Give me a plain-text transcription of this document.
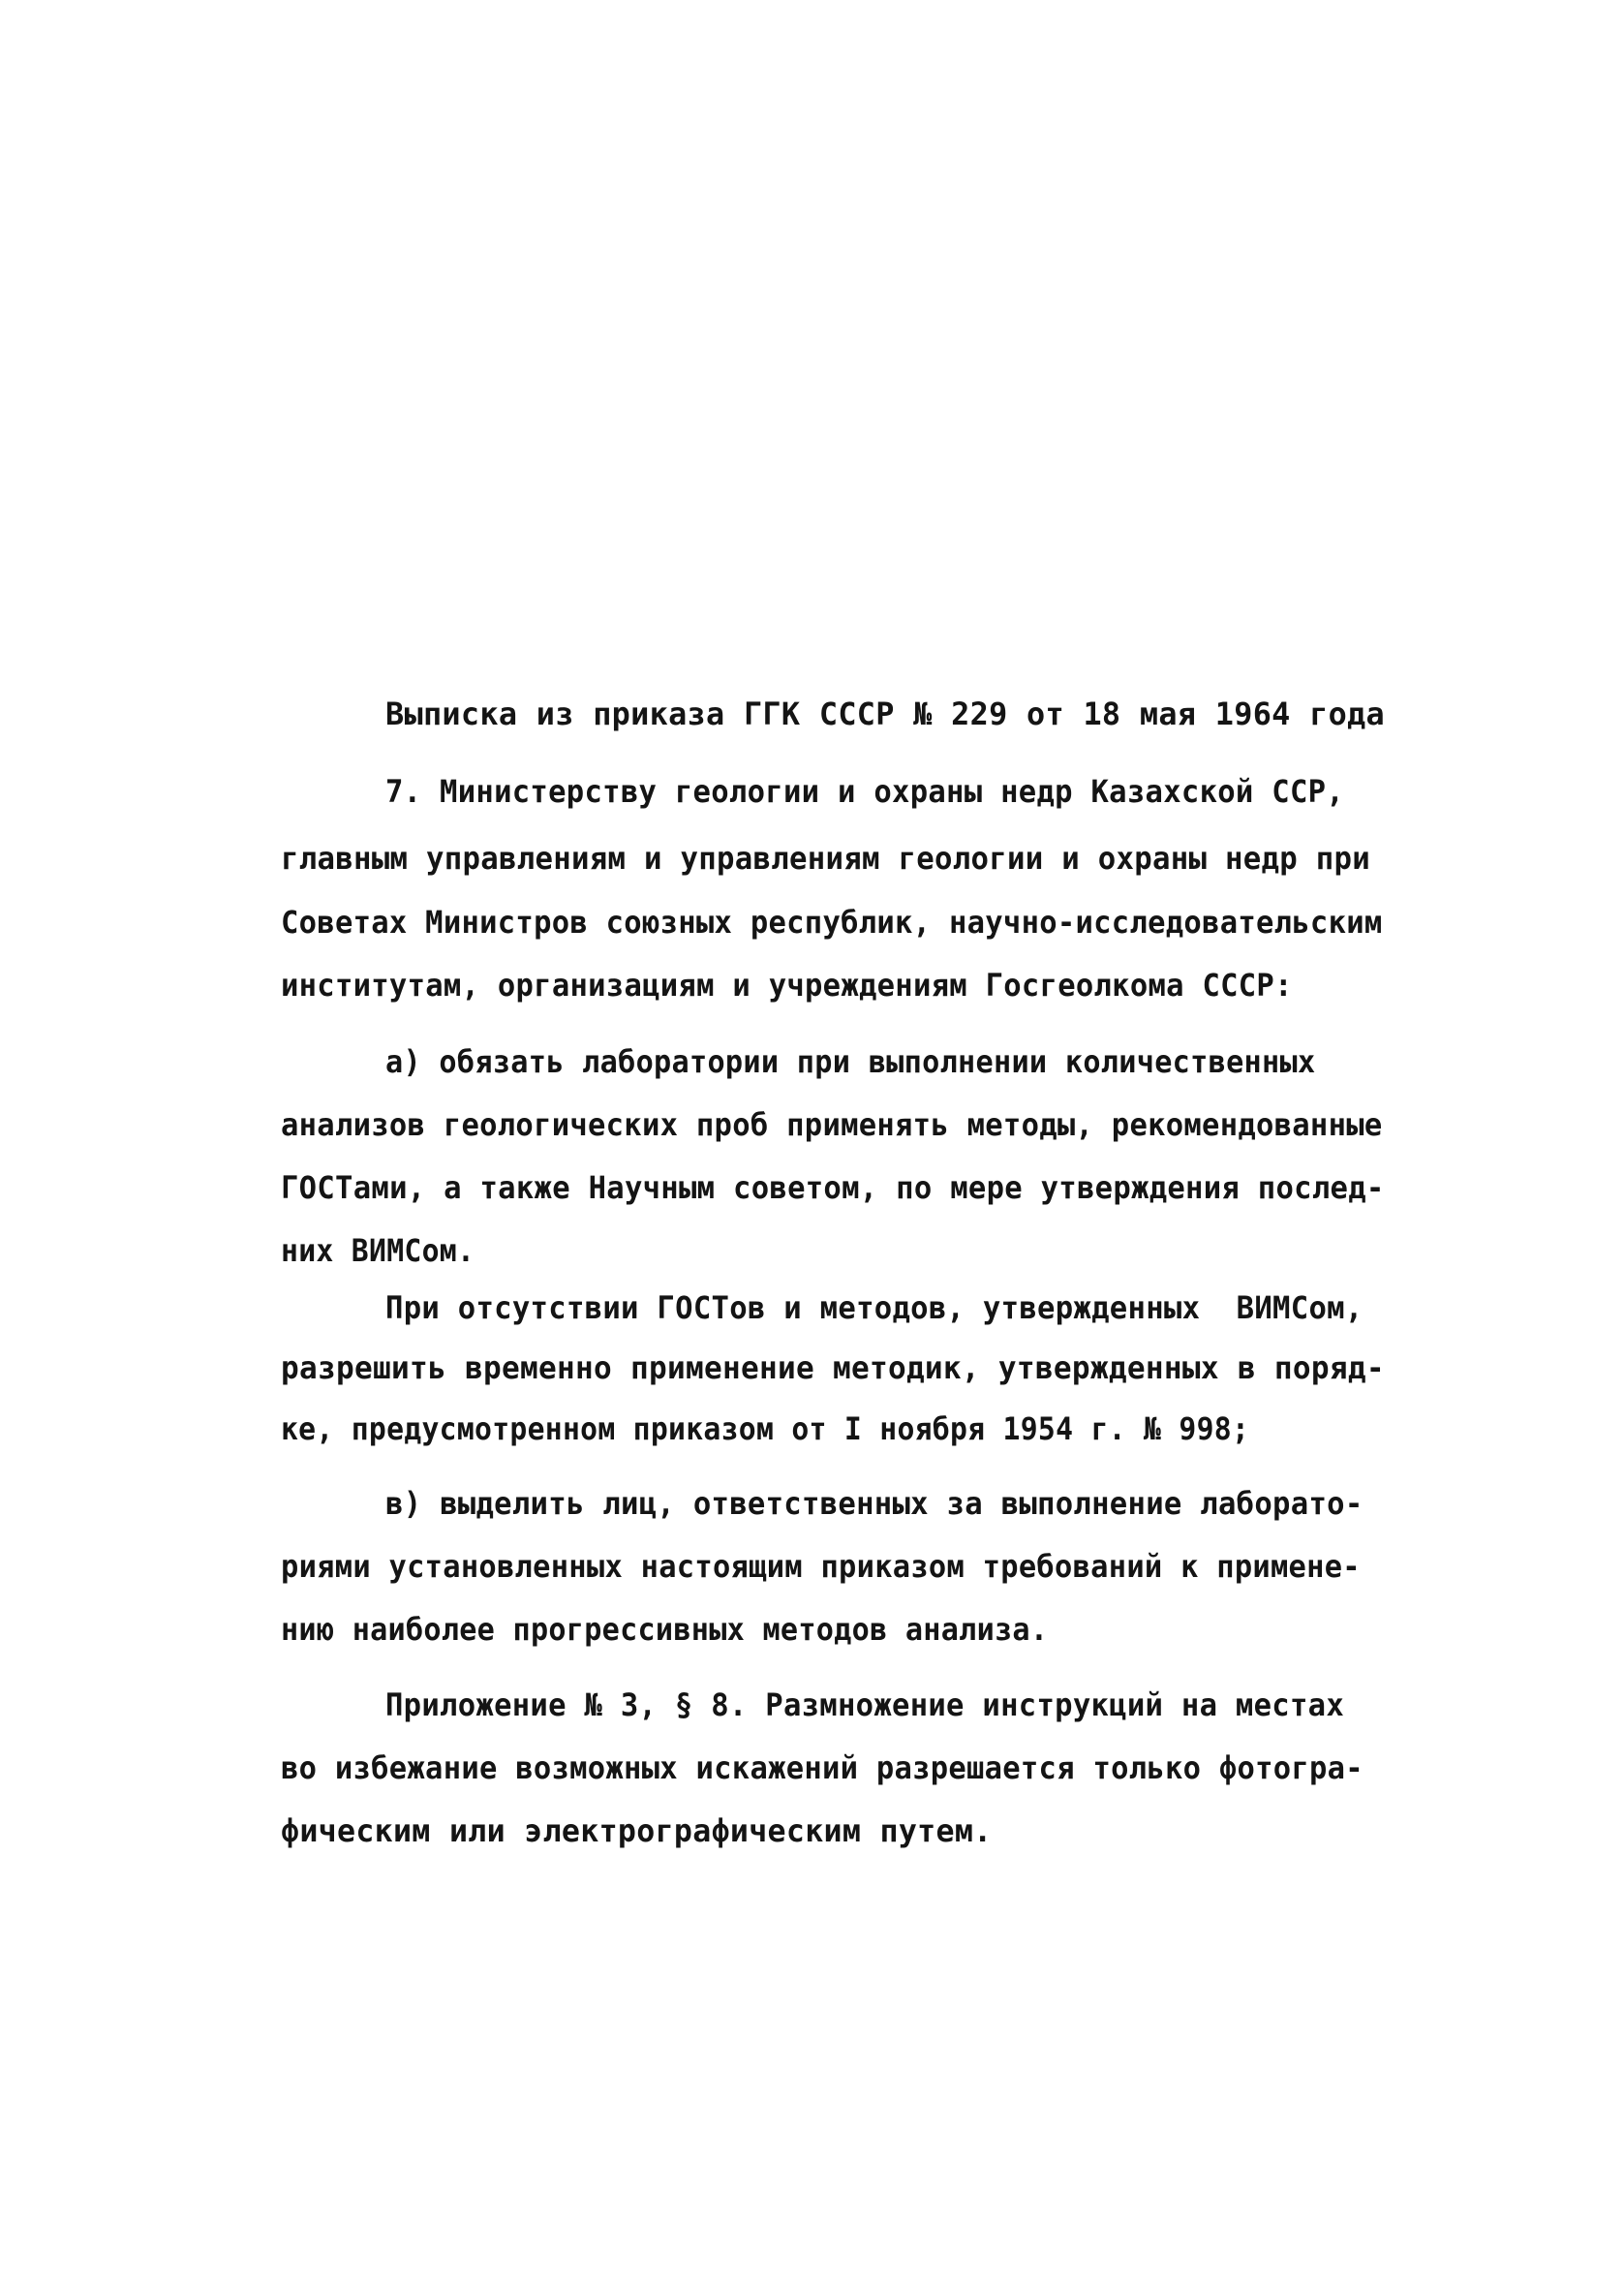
Выписка из приказа ГГК СССР № 229 от 18 мая 1964 года
7. Министерству геологии и охраны недр Казахской ССР,
главным управлениям и управлениям геологии и охраны недр при
Советах Министров союзных республик, научно-исследовательским
институтам, организациям и учреждениям Госгеолкома СССР:
а) обязать лаборатории при выполнении количественных
анализов геологических проб применять методы, рекомендованные
ГОСТами, а также Научным советом, по мере утверждения послед-
них ВИМСом.
При отсутствии ГОСТов и методов, утвержденных  ВИМСом,
разрешить временно применение методик, утвержденных в поряд-
ке, предусмотренном приказом от I ноября 1954 г. № 998;
в) выделить лиц, ответственных за выполнение лаборато-
риями установленных настоящим приказом требований к примене-
нию наиболее прогрессивных методов анализа.
Приложение № 3, § 8. Размножение инструкций на местах
во избежание возможных искажений разрешается только фотогра-
фическим или электрографическим путем.
